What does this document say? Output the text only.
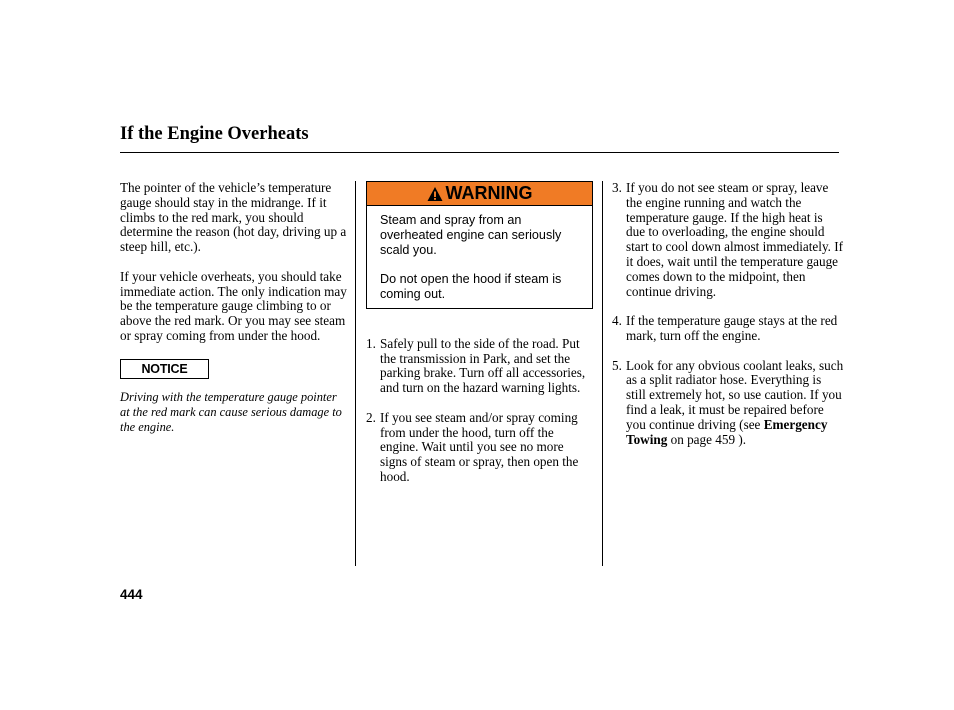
If the Engine Overheats

The pointer of the vehicle’s temperature gauge should stay in the midrange. If it climbs to the red mark, you should determine the reason (hot day, driving up a steep hill, etc.).

If your vehicle overheats, you should take immediate action. The only indication may be the temperature gauge climbing to or above the red mark. Or you may see steam or spray coming from under the hood.

NOTICE

Driving with the temperature gauge pointer at the red mark can cause serious damage to the engine.

WARNING

Steam and spray from an overheated engine can seriously scald you.

Do not open the hood if steam is coming out.

1. Safely pull to the side of the road. Put the transmission in Park, and set the parking brake. Turn off all accessories, and turn on the hazard warning lights.
2. If you see steam and/or spray coming from under the hood, turn off the engine. Wait until you see no more signs of steam or spray, then open the hood.
3. If you do not see steam or spray, leave the engine running and watch the temperature gauge. If the high heat is due to overloading, the engine should start to cool down almost immediately. If it does, wait until the temperature gauge comes down to the midpoint, then continue driving.
4. If the temperature gauge stays at the red mark, turn off the engine.
5. Look for any obvious coolant leaks, such as a split radiator hose. Everything is still extremely hot, so use caution. If you find a leak, it must be repaired before you continue driving (see Emergency Towing on page 459 ).
444
